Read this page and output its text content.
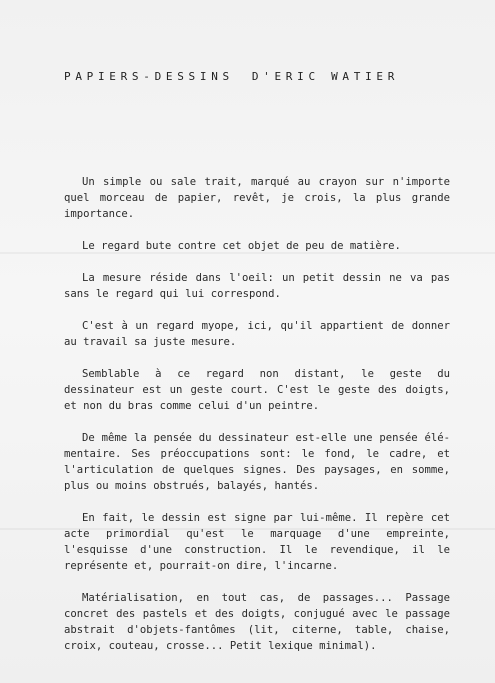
PAPIERS-DESSINS D'ERIC WATIER

Un simple ou sale trait, marqué au crayon sur n'importe quel morceau de papier, revêt, je crois, la plus grande importance.

Le regard bute contre cet objet de peu de matière.

La mesure réside dans l'oeil: un petit dessin ne va pas sans le regard qui lui correspond.

C'est à un regard myope, ici, qu'il appartient de donner au travail sa juste mesure.

Semblable à ce regard non distant, le geste du dessinateur est un geste court. C'est le geste des doigts, et non du bras comme celui d'un peintre.

De même la pensée du dessinateur est-elle une pensée élé-mentaire. Ses préoccupations sont: le fond, le cadre, et l'articulation de quelques signes. Des paysages, en somme, plus ou moins obstrués, balayés, hantés.

En fait, le dessin est signe par lui-même. Il repère cet acte primordial qu'est le marquage d'une empreinte, l'esquisse d'une construction. Il le revendique, il le représente et, pourrait-on dire, l'incarne.

Matérialisation, en tout cas, de passages... Passage concret des pastels et des doigts, conjugué avec le passage abstrait d'objets-fantômes (lit, citerne, table, chaise, croix, couteau, crosse... Petit lexique minimal).
